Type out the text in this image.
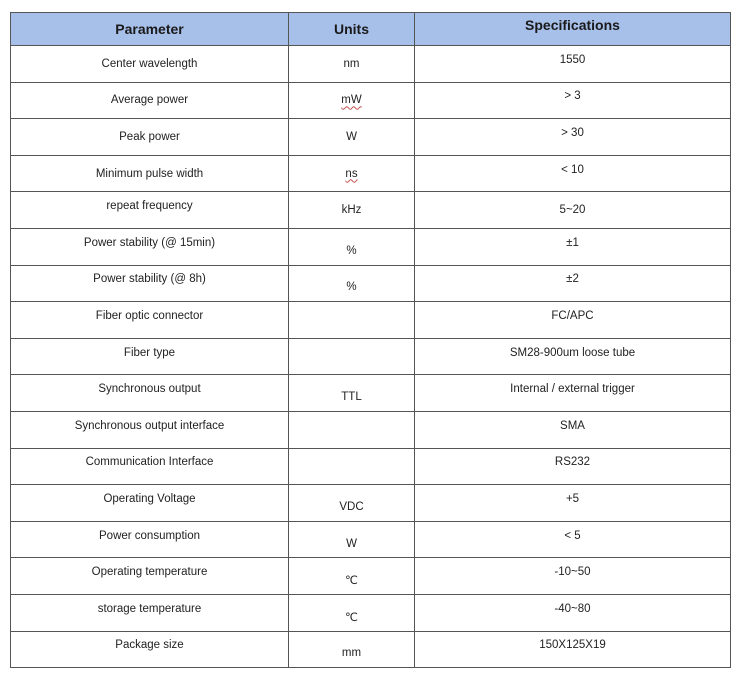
Parameter	Units	Specifications
Center wavelength	nm	1550
Average power	mW	> 3
Peak power	W	> 30
Minimum pulse width	ns	< 10
repeat frequency	kHz	5~20
Power stability (@ 15min)	%	±1
Power stability (@ 8h)	%	±2
Fiber optic connector		FC/APC
Fiber type		SM28-900um loose tube
Synchronous output	TTL	Internal / external trigger
Synchronous output interface		SMA
Communication Interface		RS232
Operating Voltage	VDC	+5
Power consumption	W	< 5
Operating temperature	℃	-10~50
storage temperature	℃	-40~80
Package size	mm	150X125X19
